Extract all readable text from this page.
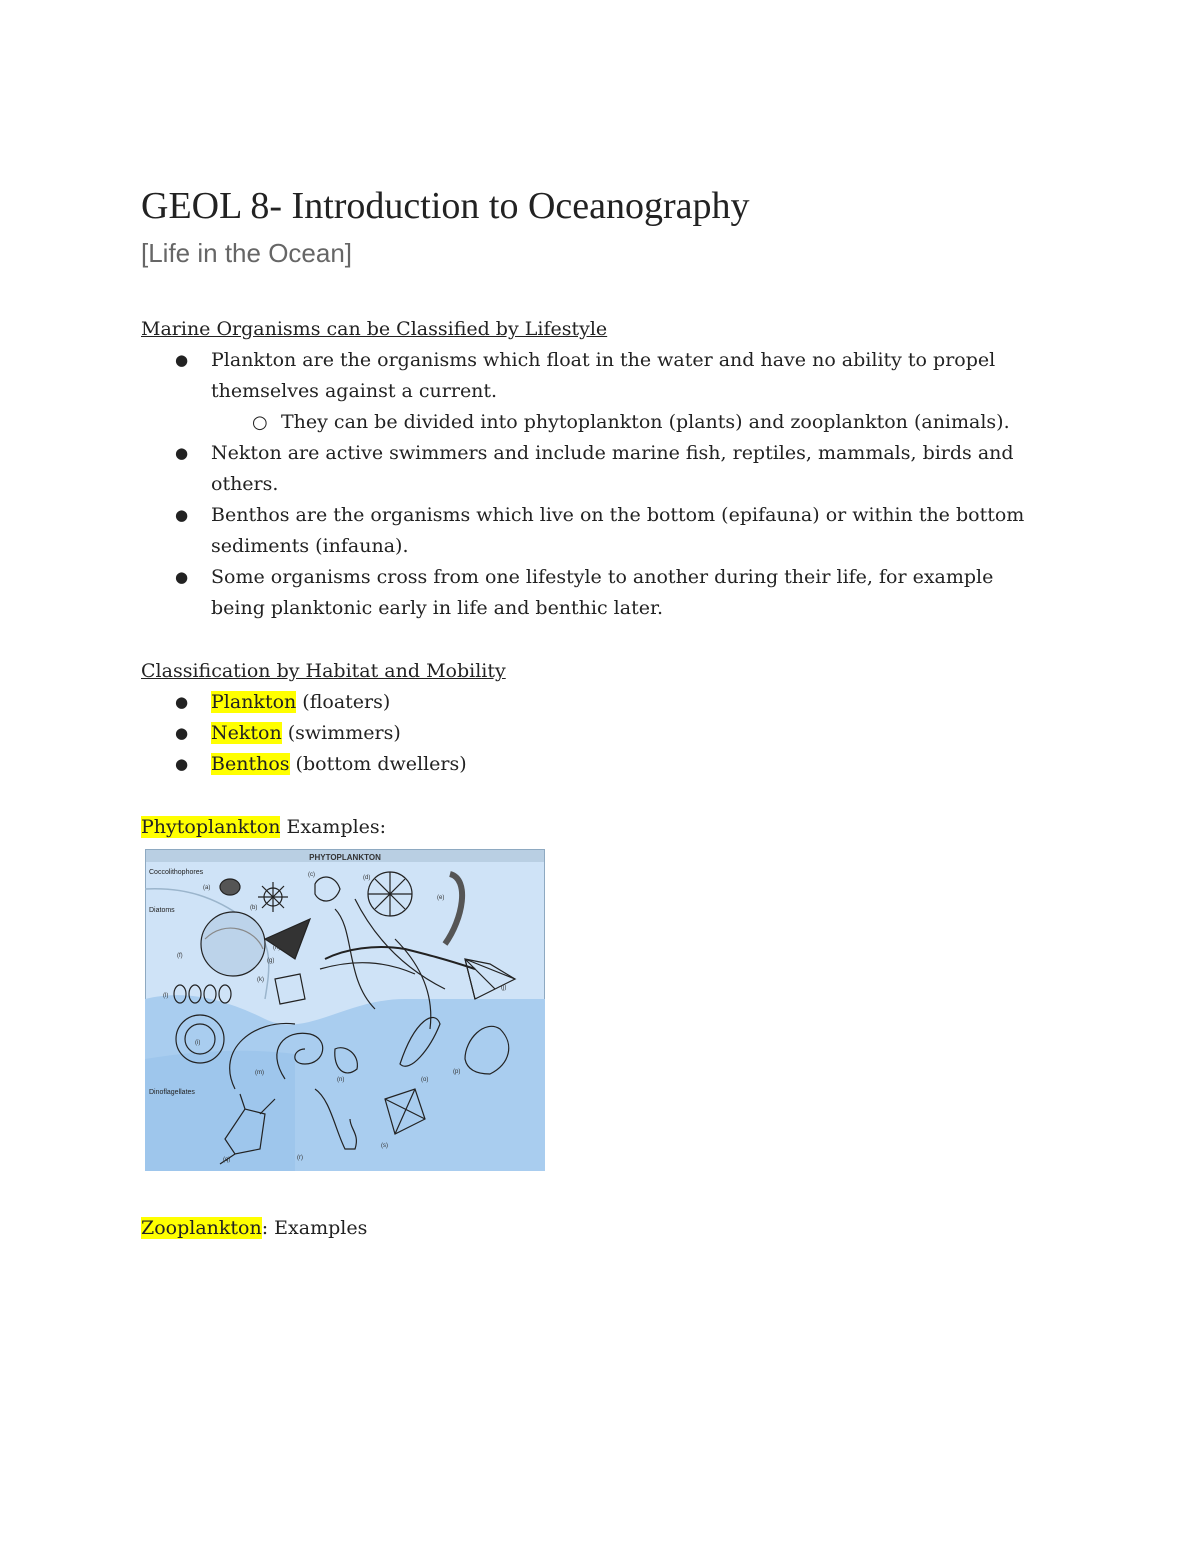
GEOL 8- Introduction to Oceanography
[Life in the Ocean]
Marine Organisms can be Classified by Lifestyle
● Plankton are the organisms which float in the water and have no ability to propel themselves against a current.
○ They can be divided into phytoplankton (plants) and zooplankton (animals).
● Nekton are active swimmers and include marine fish, reptiles, mammals, birds and others.
● Benthos are the organisms which live on the bottom (epifauna) or within the bottom sediments (infauna).
● Some organisms cross from one lifestyle to another during their life, for example being planktonic early in life and benthic later.
Classification by Habitat and Mobility
● Plankton (floaters)
● Nekton (swimmers)
● Benthos (bottom dwellers)
Phytoplankton Examples:
PHYTOPLANKTON
Coccolithophores
Diatoms
Dinoflagellates
(a)
(b)
(c)	(d)
(e)
(f)
(g)
(h)
(i)
(j)
(k)
(l)
(m)
(n)	(o)
(p)
(q)	(r)
(s)
Zooplankton: Examples
